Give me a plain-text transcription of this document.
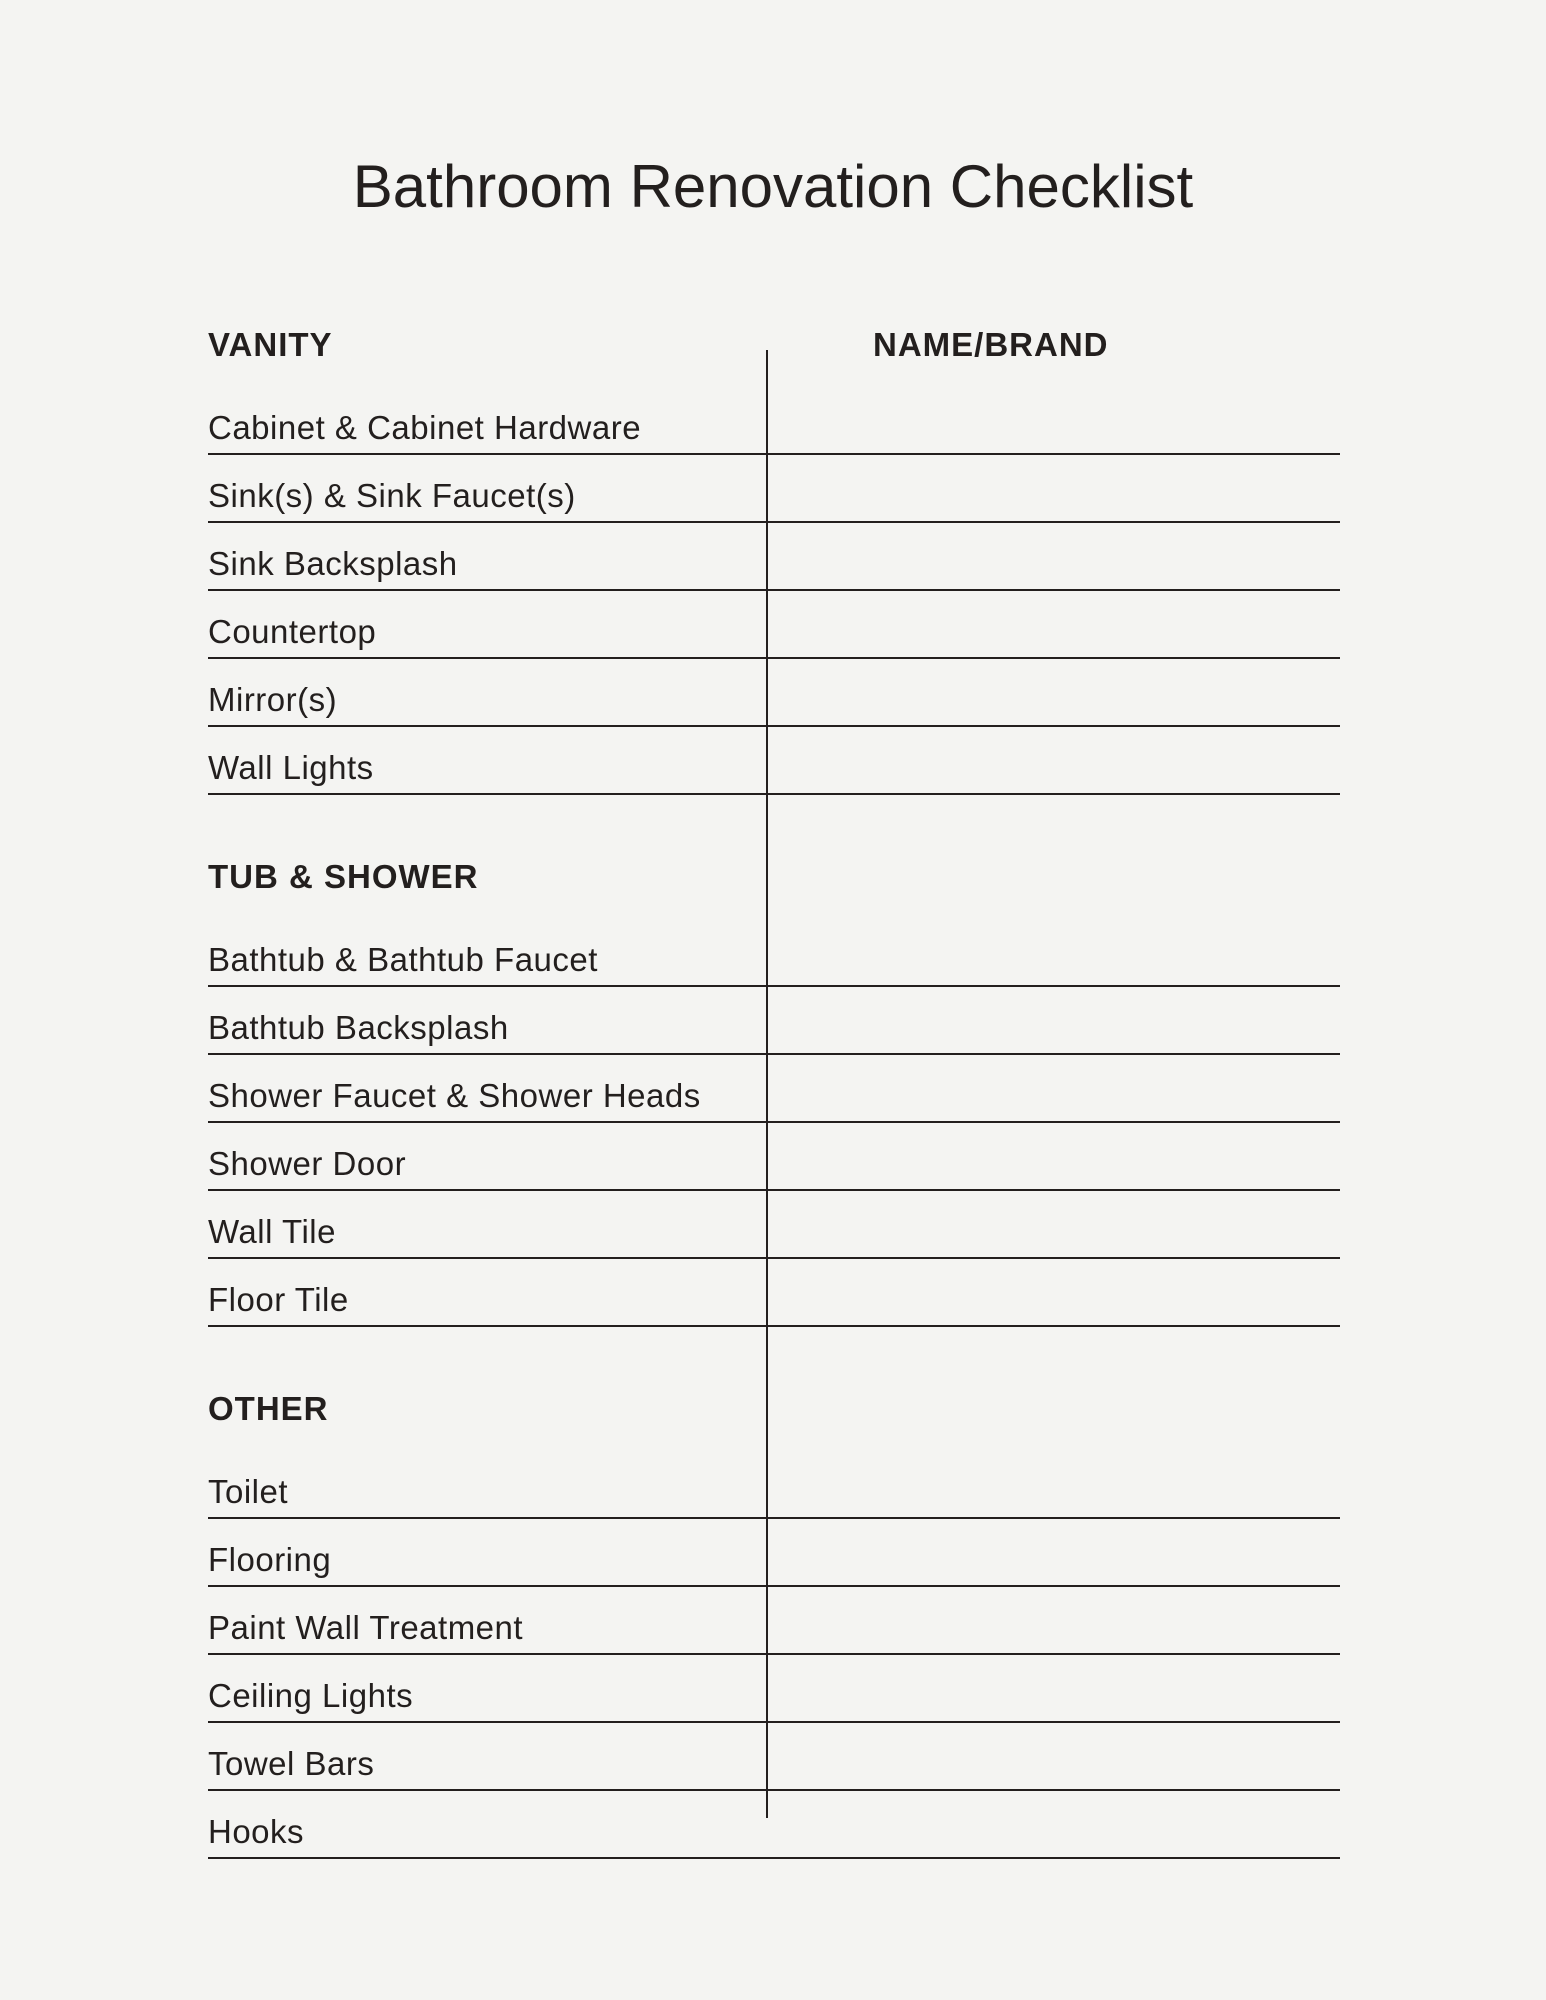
Bathroom Renovation Checklist
NAME/BRAND
VANITY
Cabinet & Cabinet Hardware
Sink(s) & Sink Faucet(s)
Sink Backsplash
Countertop
Mirror(s)
Wall Lights
TUB & SHOWER
Bathtub & Bathtub Faucet
Bathtub Backsplash
Shower Faucet & Shower Heads
Shower Door
Wall Tile
Floor Tile
OTHER
Toilet
Flooring
Paint Wall Treatment
Ceiling Lights
Towel Bars
Hooks
